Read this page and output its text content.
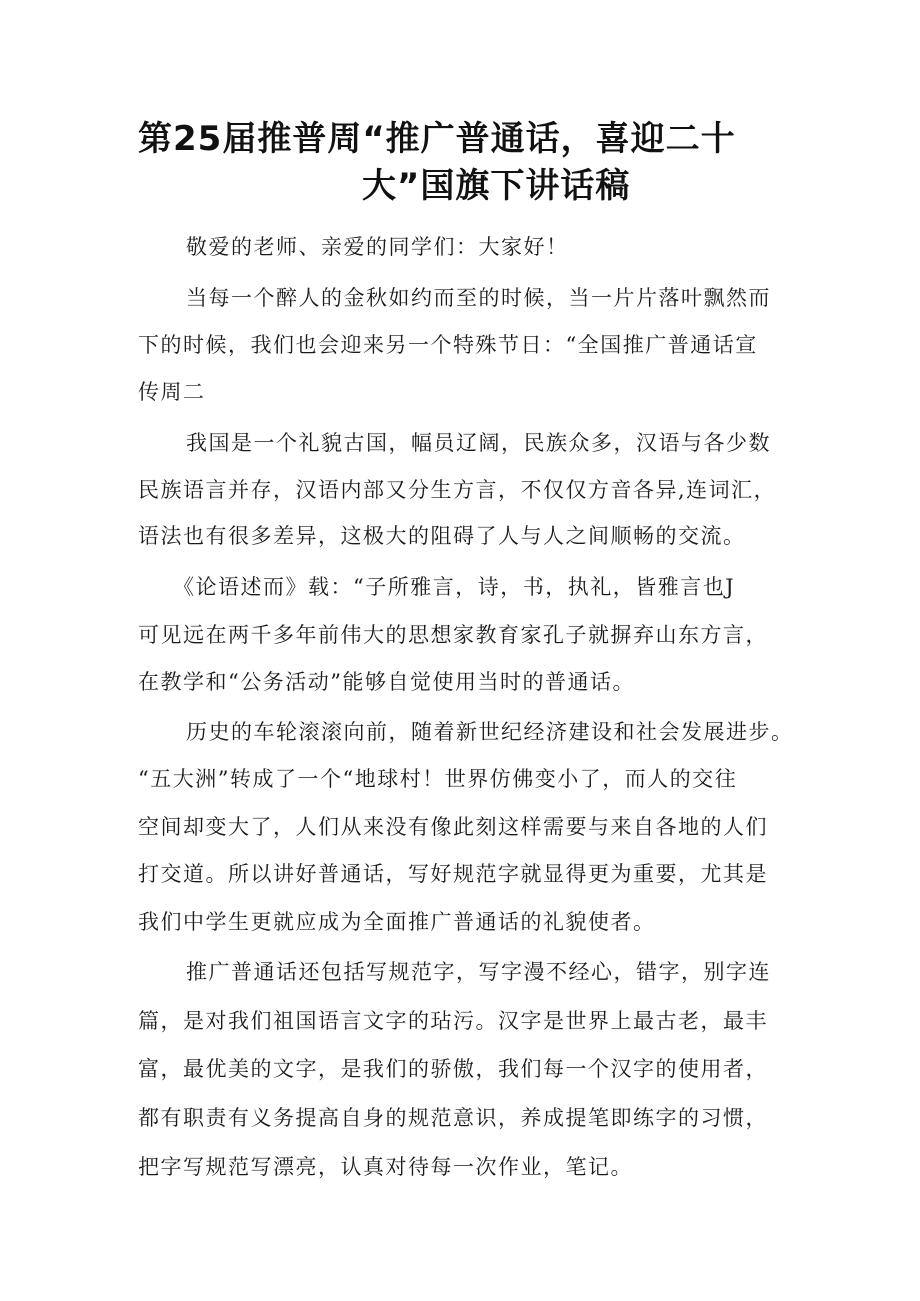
第25届推普周“推广普通话，喜迎二十
大”国旗下讲话稿
敬爱的老师、亲爱的同学们：大家好！
当每一个醉人的金秋如约而至的时候，当一片片落叶飘然而
下的时候，我们也会迎来另一个特殊节日：“全国推广普通话宣
传周二
我国是一个礼貌古国，幅员辽阔，民族众多，汉语与各少数
民族语言并存，汉语内部又分生方言，不仅仅方音各异,连词汇，
语法也有很多差异，这极大的阻碍了人与人之间顺畅的交流。
《论语述而》载：“子所雅言，诗，书，执礼，皆雅言也J
可见远在两千多年前伟大的思想家教育家孔子就摒弃山东方言，
在教学和“公务活动”能够自觉使用当时的普通话。
历史的车轮滚滚向前，随着新世纪经济建设和社会发展进步。
“五大洲”转成了一个“地球村！世界仿佛变小了，而人的交往
空间却变大了，人们从来没有像此刻这样需要与来自各地的人们
打交道。所以讲好普通话，写好规范字就显得更为重要，尤其是
我们中学生更就应成为全面推广普通话的礼貌使者。
推广普通话还包括写规范字，写字漫不经心，错字，别字连
篇，是对我们祖国语言文字的玷污。汉字是世界上最古老，最丰
富，最优美的文字，是我们的骄傲，我们每一个汉字的使用者，
都有职责有义务提高自身的规范意识，养成提笔即练字的习惯，
把字写规范写漂亮，认真对待每一次作业，笔记。
